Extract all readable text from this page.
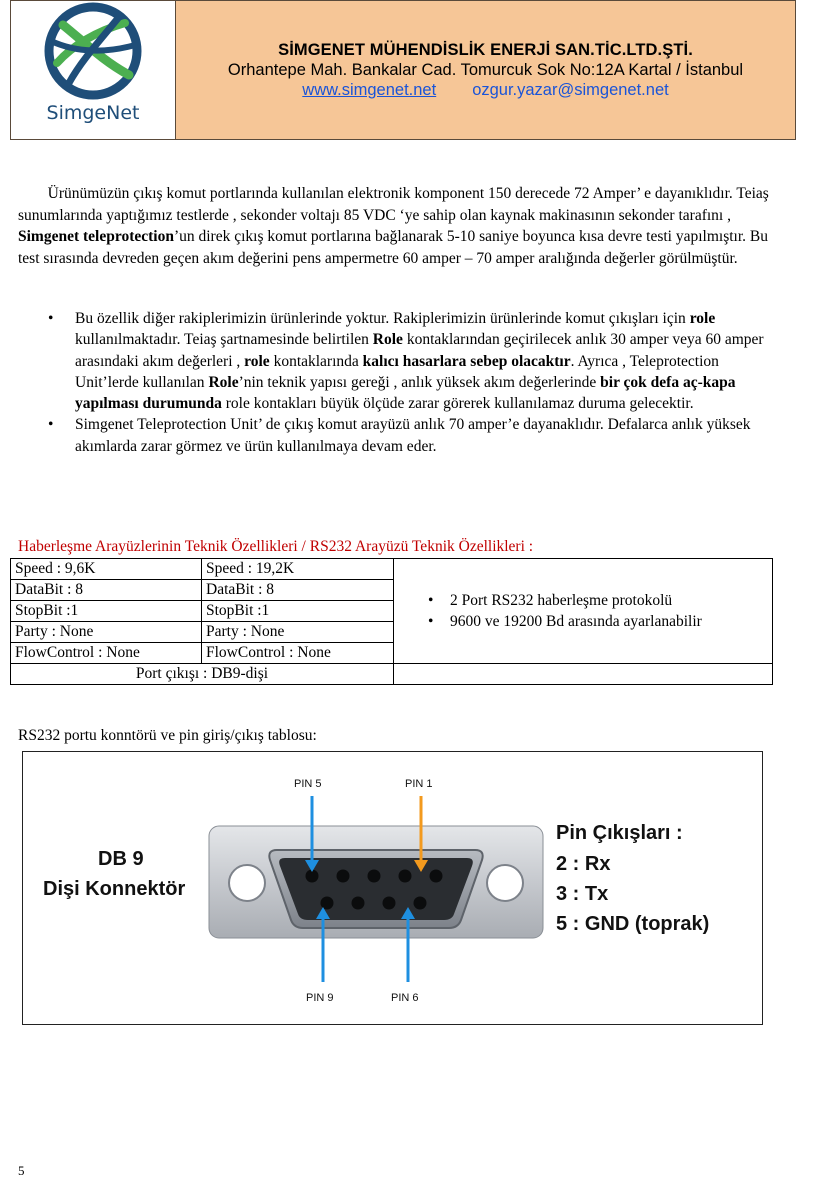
SimgeNet
SİMGENET MÜHENDİSLİK ENERJİ SAN.TİC.LTD.ŞTİ.
Orhantepe Mah. Bankalar Cad. Tomurcuk Sok No:12A Kartal / İstanbul
www.simgenet.net ozgur.yazar@simgenet.net
Ürünümüzün çıkış komut portlarında kullanılan elektronik komponent 150 derecede 72 Amper’ e dayanıklıdır. Teiaş sunumlarında yaptığımız testlerde , sekonder voltajı 85 VDC ‘ye sahip olan kaynak makinasının sekonder tarafını , Simgenet teleprotection’un direk çıkış komut portlarına bağlanarak 5-10 saniye boyunca kısa devre testi yapılmıştır. Bu test sırasında devreden geçen akım değerini pens ampermetre 60 amper – 70 amper aralığında değerler görülmüştür.
• Bu özellik diğer rakiplerimizin ürünlerinde yoktur. Rakiplerimizin ürünlerinde komut çıkışları için role kullanılmaktadır. Teiaş şartnamesinde belirtilen Role kontaklarından geçirilecek anlık 30 amper veya 60 amper arasındaki akım değerleri , role kontaklarında kalıcı hasarlara sebep olacaktır. Ayrıca , Teleprotection Unit’lerde kullanılan Role’nin teknik yapısı gereği , anlık yüksek akım değerlerinde bir çok defa aç-kapa yapılması durumunda role kontakları büyük ölçüde zarar görerek kullanılamaz duruma gelecektir.
• Simgenet Teleprotection Unit’ de çıkış komut arayüzü anlık 70 amper’e dayanaklıdır. Defalarca anlık yüksek akımlarda zarar görmez ve ürün kullanılmaya devam eder.
Haberleşme Arayüzlerinin Teknik Özellikleri / RS232 Arayüzü Teknik Özellikleri :
Speed : 9,6K	Speed : 19,2K	• 2 Port RS232 haberleşme protokolü
• 9600 ve 19200 Bd arasında ayarlanabilir

DataBit : 8	DataBit : 8	
StopBit :1	StopBit :1	
Party : None	Party : None	
FlowControl : None	FlowControl : None	
Port çıkışı : DB9-dişi		
RS232 portu konntörü ve pin giriş/çıkış tablosu:
PIN 5	PIN 1
PIN 9	PIN 6
DB 9
Dişi Konnektör
Pin Çıkışları :
2 : Rx
3 : Tx
5 : GND (toprak)
5
